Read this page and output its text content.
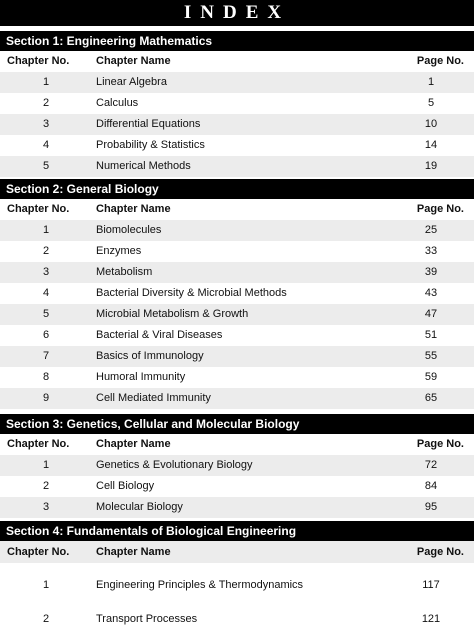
INDEX
Section 1: Engineering Mathematics
Chapter No.	Chapter Name	Page No.
1	Linear Algebra	1
2	Calculus	5
3	Differential Equations	10
4	Probability & Statistics	14
5	Numerical Methods	19
Section 2: General Biology
Chapter No.	Chapter Name	Page No.
1	Biomolecules	25
2	Enzymes	33
3	Metabolism	39
4	Bacterial Diversity & Microbial Methods	43
5	Microbial Metabolism & Growth	47
6	Bacterial & Viral Diseases	51
7	Basics of Immunology	55
8	Humoral Immunity	59
9	Cell Mediated Immunity	65
Section 3: Genetics, Cellular and Molecular Biology
Chapter No.	Chapter Name	Page No.
1	Genetics & Evolutionary Biology	72
2	Cell Biology	84
3	Molecular Biology	95
Section 4: Fundamentals of Biological Engineering
Chapter No.	Chapter Name	Page No.
1	Engineering Principles & Thermodynamics	117
2	Transport Processes	121
